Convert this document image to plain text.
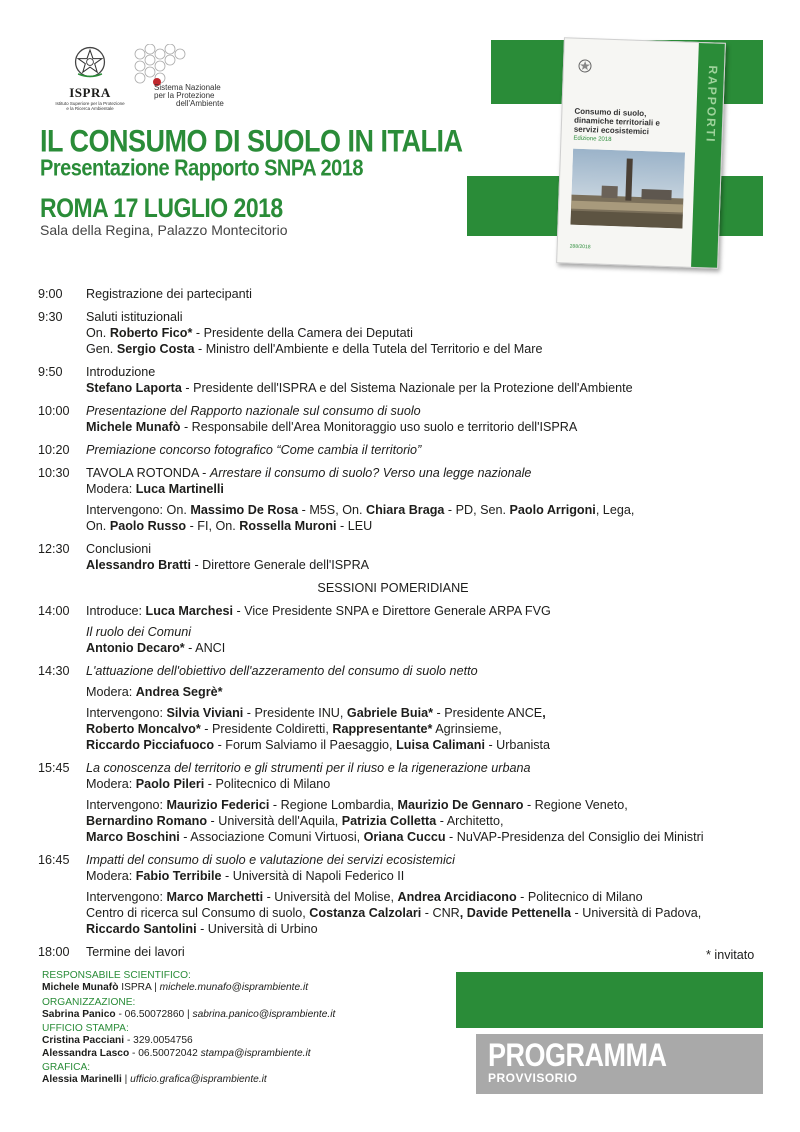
ISPRA
Istituto Superiore per la Protezione
e la Ricerca Ambientale
Sistema Nazionale
per la Protezione
dell'Ambiente
IL CONSUMO DI SUOLO IN ITALIA
Presentazione Rapporto SNPA 2018
ROMA 17 LUGLIO 2018
Sala della Regina, Palazzo Montecitorio
RAPPORTI
Consumo di suolo, dinamiche territoriali e servizi ecosistemici
Edizione 2018
288/2018
9:00 Registrazione dei partecipanti
9:30 Saluti istituzionali
On. Roberto Fico* - Presidente della Camera dei Deputati
Gen. Sergio Costa - Ministro dell'Ambiente e della Tutela del Territorio e del Mare
9:50 Introduzione
Stefano Laporta - Presidente dell'ISPRA e del Sistema Nazionale per la Protezione dell'Ambiente
10:00 Presentazione del Rapporto nazionale sul consumo di suolo
Michele Munafò - Responsabile dell'Area Monitoraggio uso suolo e territorio dell'ISPRA
10:20 Premiazione concorso fotografico “Come cambia il territorio”
10:30 TAVOLA ROTONDA - Arrestare il consumo di suolo? Verso una legge nazionale
Modera: Luca Martinelli
Intervengono: On. Massimo De Rosa - M5S, On. Chiara Braga - PD, Sen. Paolo Arrigoni, Lega,
On. Paolo Russo - FI, On. Rossella Muroni - LEU
12:30 Conclusioni
Alessandro Bratti - Direttore Generale dell'ISPRA
SESSIONI POMERIDIANE
14:00 Introduce: Luca Marchesi - Vice Presidente SNPA e Direttore Generale ARPA FVG
Il ruolo dei Comuni
Antonio Decaro* - ANCI
14:30 L'attuazione dell'obiettivo dell'azzeramento del consumo di suolo netto
Modera: Andrea Segrè*
Intervengono: Silvia Viviani - Presidente INU, Gabriele Buia* - Presidente ANCE,
Roberto Moncalvo* - Presidente Coldiretti, Rappresentante* Agrinsieme,
Riccardo Picciafuoco - Forum Salviamo il Paesaggio, Luisa Calimani - Urbanista
15:45 La conoscenza del territorio e gli strumenti per il riuso e la rigenerazione urbana
Modera: Paolo Pileri - Politecnico di Milano
Intervengono: Maurizio Federici - Regione Lombardia, Maurizio De Gennaro - Regione Veneto,
Bernardino Romano - Università dell'Aquila, Patrizia Colletta - Architetto,
Marco Boschini - Associazione Comuni Virtuosi, Oriana Cuccu - NuVAP-Presidenza del Consiglio dei Ministri
16:45 Impatti del consumo di suolo e valutazione dei servizi ecosistemici
Modera: Fabio Terribile - Università di Napoli Federico II
Intervengono: Marco Marchetti - Università del Molise, Andrea Arcidiacono - Politecnico di Milano
Centro di ricerca sul Consumo di suolo, Costanza Calzolari - CNR, Davide Pettenella - Università di Padova,
Riccardo Santolini - Università di Urbino
18:00 Termine dei lavori	* invitato
RESPONSABILE SCIENTIFICO:
Michele Munafò ISPRA | michele.munafo@isprambiente.it
ORGANIZZAZIONE:
Sabrina Panico - 06.50072860 | sabrina.panico@isprambiente.it
UFFICIO STAMPA:
Cristina Pacciani - 329.0054756
Alessandra Lasco - 06.50072042 stampa@isprambiente.it
GRAFICA:
Alessia Marinelli | ufficio.grafica@isprambiente.it
PROGRAMMA
PROVVISORIO
